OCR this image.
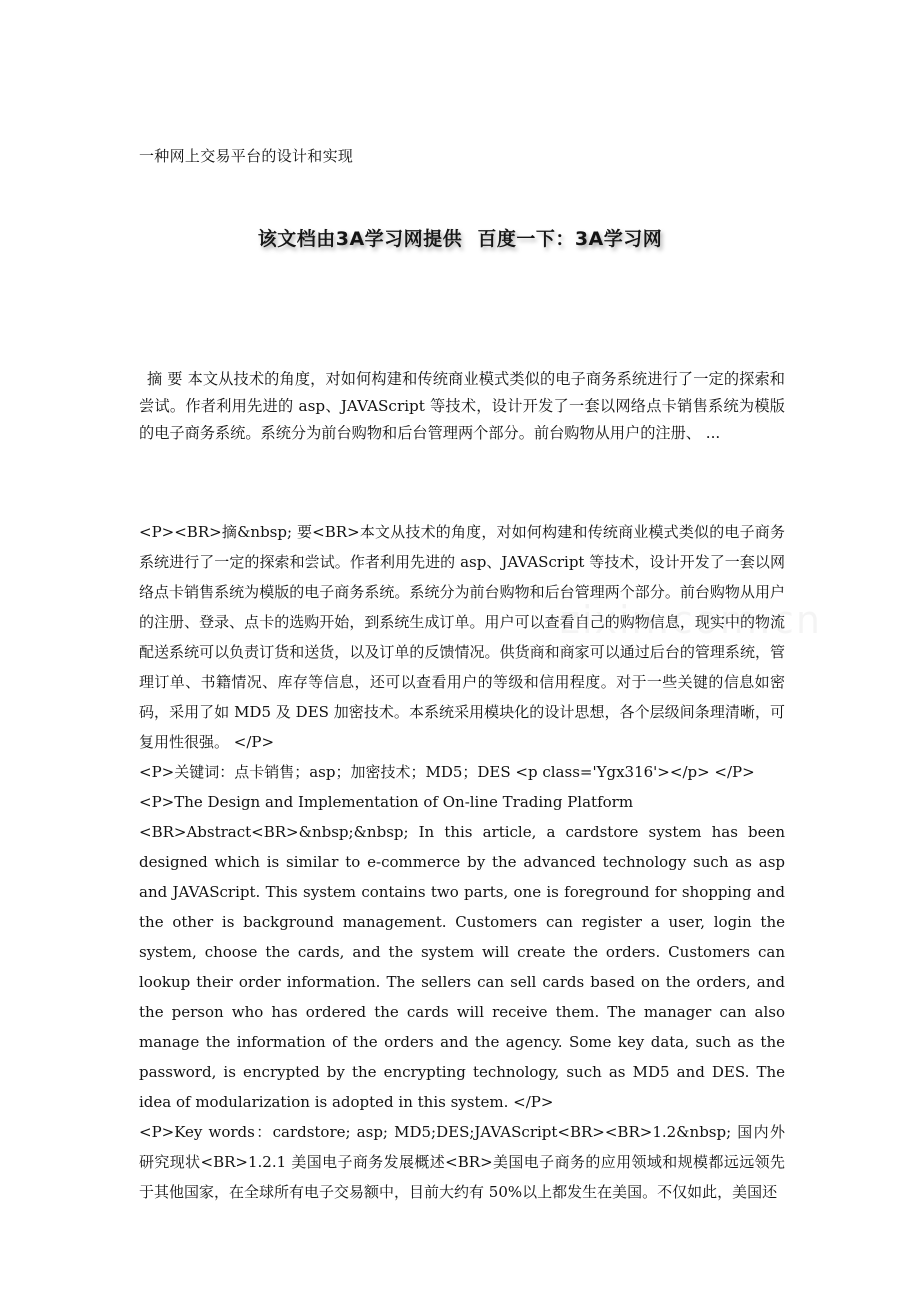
一种网上交易平台的设计和实现
该文档由3A学习网提供 百度一下：3A学习网
摘 要 本文从技术的角度，对如何构建和传统商业模式类似的电子商务系统进行了一定的探索和尝试。作者利用先进的 asp、JAVAScript 等技术，设计开发了一套以网络点卡销售系统为模版的电子商务系统。系统分为前台购物和后台管理两个部分。前台购物从用户的注册、 ...

<P><BR>摘&nbsp; 要<BR>本文从技术的角度，对如何构建和传统商业模式类似的电子商务系统进行了一定的探索和尝试。作者利用先进的 asp、JAVAScript 等技术，设计开发了一套以网络点卡销售系统为模版的电子商务系统。系统分为前台购物和后台管理两个部分。前台购物从用户的注册、登录、点卡的选购开始，到系统生成订单。用户可以查看自己的购物信息，现实中的物流配送系统可以负责订货和送货，以及订单的反馈情况。供货商和商家可以通过后台的管理系统，管理订单、书籍情况、库存等信息，还可以查看用户的等级和信用程度。对于一些关键的信息如密码，采用了如 MD5 及 DES 加密技术。本系统采用模块化的设计思想，各个层级间条理清晰，可复用性很强。 </P>

<P>关键词：点卡销售；asp；加密技术；MD5；DES <p class='Ygx316'></p> </P>

<P>The Design and Implementation of On-line Trading Platform

<BR>Abstract<BR>&nbsp;&nbsp; In this article, a cardstore system has been designed which is similar to e-commerce by the advanced technology such as asp and JAVAScript. This system contains two parts, one is foreground for shopping and the other is background management. Customers can register a user, login the system, choose the cards, and the system will create the orders. Customers can lookup their order information. The sellers can sell cards based on the orders, and the person who has ordered the cards will receive them. The manager can also manage the information of the orders and the agency. Some key data, such as the password, is encrypted by the encrypting technology, such as MD5 and DES. The idea of modularization is adopted in this system. </P>

<P>Key words：cardstore; asp; MD5;DES;JAVAScript<BR><BR>1.2&nbsp; 国内外研究现状<BR>1.2.1 美国电子商务发展概述<BR>美国电子商务的应用领域和规模都远远领先于其他国家，在全球所有电子交易额中，目前大约有 50%以上都发生在美国。不仅如此，美国还
